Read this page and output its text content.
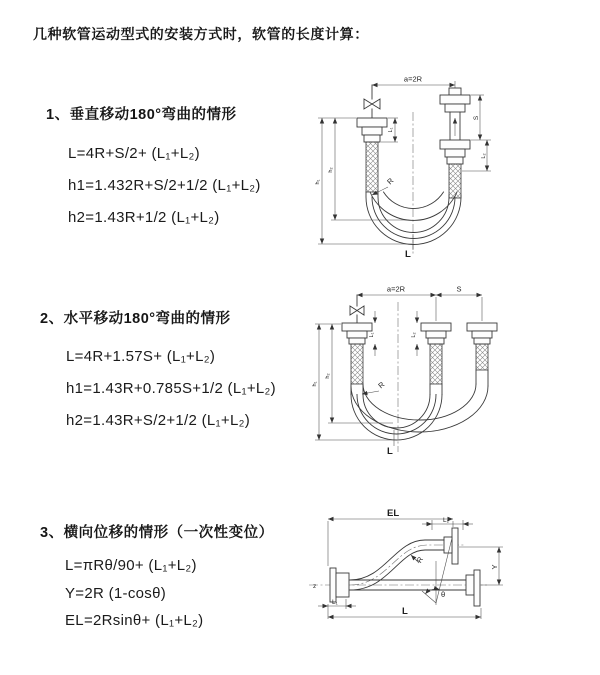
几种软管运动型式的安装方式时，软管的长度计算：
1、垂直移动180°弯曲的情形
L=4R+S/2+ (L₁+L₂)
h1=1.432R+S/2+1/2 (L₁+L₂)
h2=1.43R+1/2 (L₁+L₂)
2、水平移动180°弯曲的情形
L=4R+1.57S+ (L₁+L₂)
h1=1.43R+0.785S+1/2 (L₁+L₂)
h2=1.43R+S/2+1/2 (L₁+L₂)
3、横向位移的情形（一次性变位）
L=πRθ/90+ (L₁+L₂)
Y=2R (1-cosθ)
EL=2Rsinθ+ (L₁+L₂)
a=2R
L₁
S
L₂
h₁
h₂
R
L
a=2R	S
L₁	L₂
h₁
h₂
R
L
z
EL
L₂
Y
L
L₁
R
θ
